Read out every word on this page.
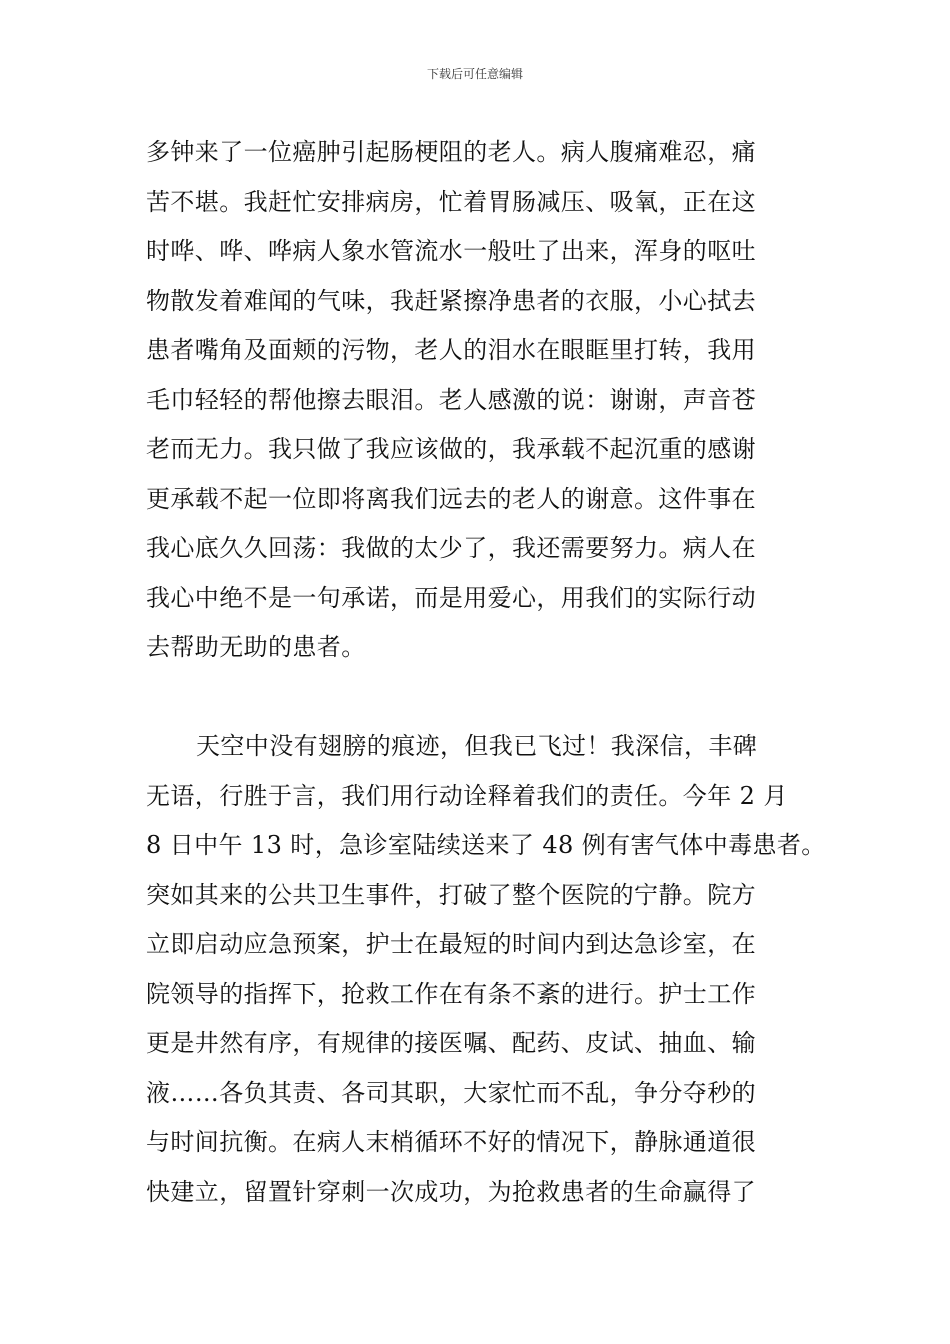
下载后可任意编辑
多钟来了一位癌肿引起肠梗阻的老人。病人腹痛难忍，痛
苦不堪。我赶忙安排病房，忙着胃肠减压、吸氧，正在这
时哗、哗、哗病人象水管流水一般吐了出来，浑身的呕吐
物散发着难闻的气味，我赶紧擦净患者的衣服，小心拭去
患者嘴角及面颊的污物，老人的泪水在眼眶里打转，我用
毛巾轻轻的帮他擦去眼泪。老人感激的说：谢谢，声音苍
老而无力。我只做了我应该做的，我承载不起沉重的感谢
更承载不起一位即将离我们远去的老人的谢意。这件事在
我心底久久回荡：我做的太少了，我还需要努力。病人在
我心中绝不是一句承诺，而是用爱心，用我们的实际行动
去帮助无助的患者。
天空中没有翅膀的痕迹，但我已飞过！我深信，丰碑
无语，行胜于言，我们用行动诠释着我们的责任。今年 2 月
8 日中午 13 时，急诊室陆续送来了 48 例有害气体中毒患者。
突如其来的公共卫生事件，打破了整个医院的宁静。院方
立即启动应急预案，护士在最短的时间内到达急诊室，在
院领导的指挥下，抢救工作在有条不紊的进行。护士工作
更是井然有序，有规律的接医嘱、配药、皮试、抽血、输
液……各负其责、各司其职，大家忙而不乱，争分夺秒的
与时间抗衡。在病人末梢循环不好的情况下，静脉通道很
快建立，留置针穿刺一次成功，为抢救患者的生命赢得了
